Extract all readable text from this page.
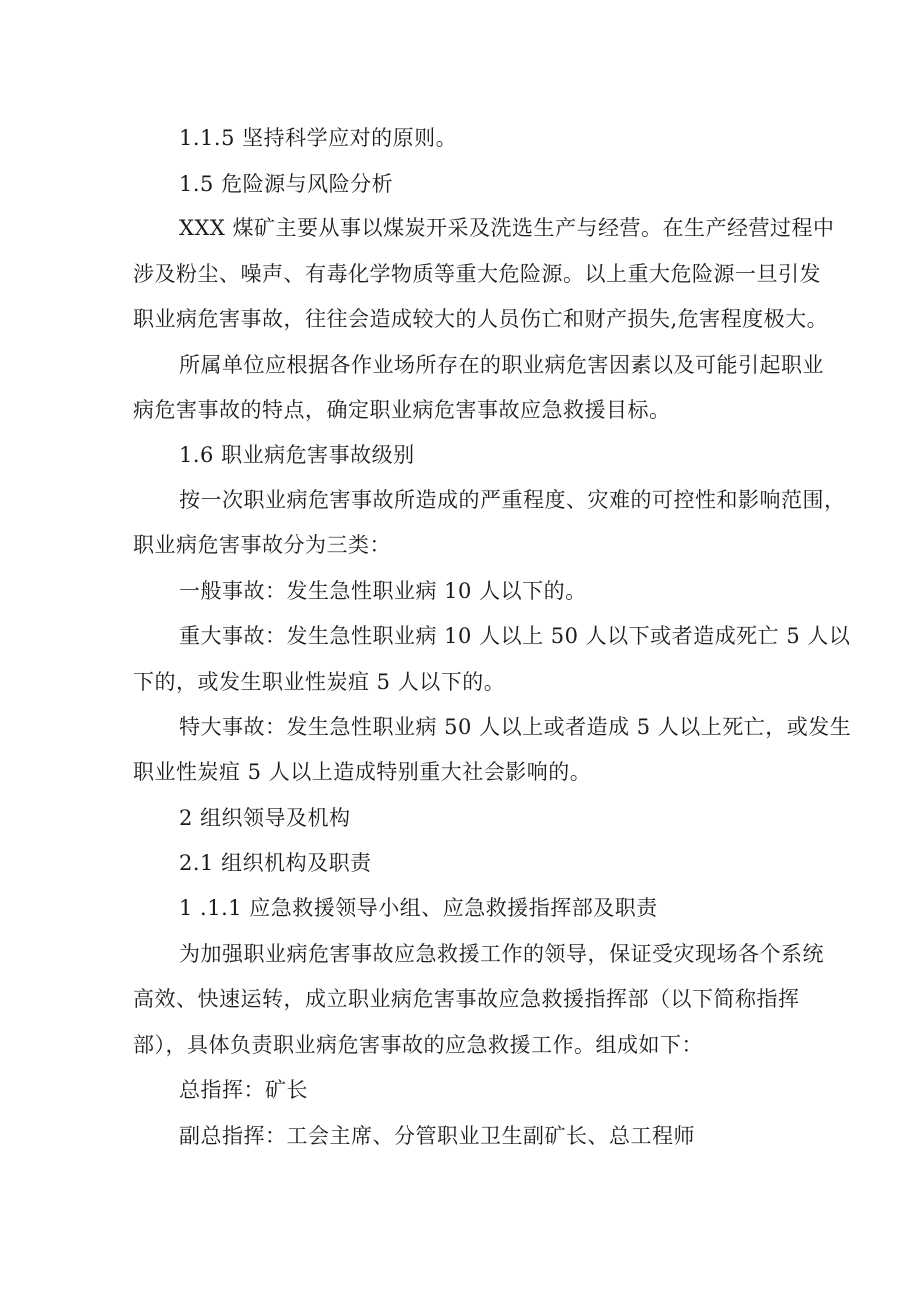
1.1.5 坚持科学应对的原则。
1.5 危险源与风险分析
XXX 煤矿主要从事以煤炭开采及洗选生产与经营。在生产经营过程中
涉及粉尘、噪声、有毒化学物质等重大危险源。以上重大危险源一旦引发
职业病危害事故，往往会造成较大的人员伤亡和财产损失,危害程度极大。
所属单位应根据各作业场所存在的职业病危害因素以及可能引起职业
病危害事故的特点，确定职业病危害事故应急救援目标。
1.6 职业病危害事故级别
按一次职业病危害事故所造成的严重程度、灾难的可控性和影响范围，
职业病危害事故分为三类：
一般事故：发生急性职业病 10 人以下的。
重大事故：发生急性职业病 10 人以上 50 人以下或者造成死亡 5 人以
下的，或发生职业性炭疽 5 人以下的。
特大事故：发生急性职业病 50 人以上或者造成 5 人以上死亡，或发生
职业性炭疽 5 人以上造成特别重大社会影响的。
2 组织领导及机构
2.1 组织机构及职责
1 .1.1 应急救援领导小组、应急救援指挥部及职责
为加强职业病危害事故应急救援工作的领导，保证受灾现场各个系统
高效、快速运转，成立职业病危害事故应急救援指挥部（以下简称指挥
部），具体负责职业病危害事故的应急救援工作。组成如下：
总指挥：矿长
副总指挥：工会主席、分管职业卫生副矿长、总工程师
